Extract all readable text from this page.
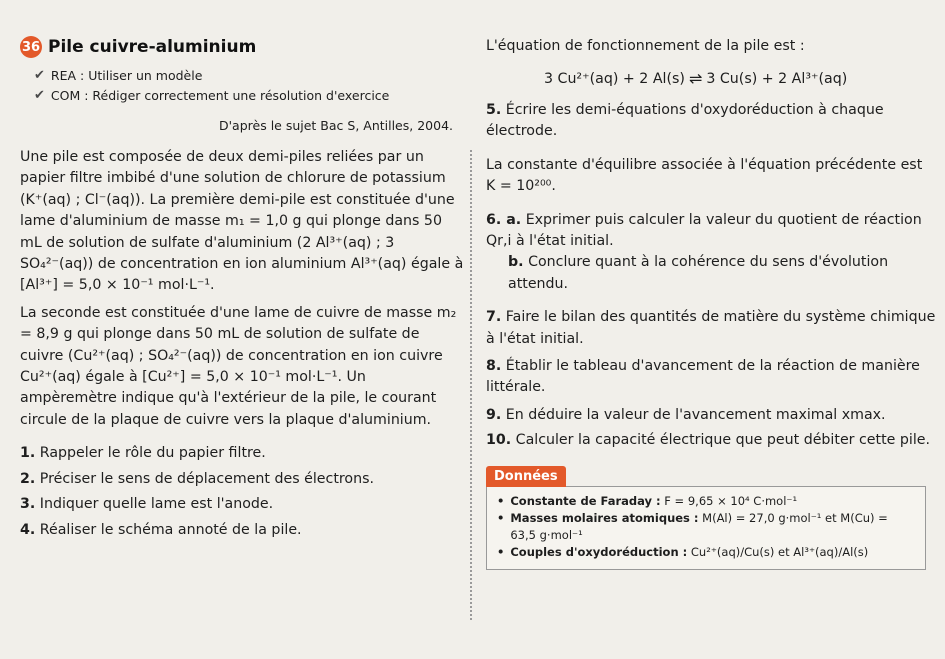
36 Pile cuivre-aluminium
✔ REA : Utiliser un modèle
✔ COM : Rédiger correctement une résolution d'exercice
D'après le sujet Bac S, Antilles, 2004.

Une pile est composée de deux demi-piles reliées par un papier filtre imbibé d'une solution de chlorure de potassium (K⁺(aq) ; Cl⁻(aq)). La première demi-pile est constituée d'une lame d'aluminium de masse m₁ = 1,0 g qui plonge dans 50 mL de solution de sulfate d'aluminium (2 Al³⁺(aq) ; 3 SO₄²⁻(aq)) de concentration en ion aluminium Al³⁺(aq) égale à [Al³⁺] = 5,0 × 10⁻¹ mol·L⁻¹.

La seconde est constituée d'une lame de cuivre de masse m₂ = 8,9 g qui plonge dans 50 mL de solution de sulfate de cuivre (Cu²⁺(aq) ; SO₄²⁻(aq)) de concentration en ion cuivre Cu²⁺(aq) égale à [Cu²⁺] = 5,0 × 10⁻¹ mol·L⁻¹. Un ampèremètre indique qu'à l'extérieur de la pile, le courant circule de la plaque de cuivre vers la plaque d'aluminium.

1. Rappeler le rôle du papier filtre.
2. Préciser le sens de déplacement des électrons.
3. Indiquer quelle lame est l'anode.
4. Réaliser le schéma annoté de la pile.
L'équation de fonctionnement de la pile est :
3 Cu²⁺(aq) + 2 Al(s) ⇌ 3 Cu(s) + 2 Al³⁺(aq)
5. Écrire les demi-équations d'oxydoréduction à chaque électrode.
La constante d'équilibre associée à l'équation précédente est K = 10²⁰⁰.
6. a. Exprimer puis calculer la valeur du quotient de réaction Qr,i à l'état initial.
b. Conclure quant à la cohérence du sens d'évolution attendu.
7. Faire le bilan des quantités de matière du système chimique à l'état initial.
8. Établir le tableau d'avancement de la réaction de manière littérale.
9. En déduire la valeur de l'avancement maximal xmax.
10. Calculer la capacité électrique que peut débiter cette pile.
Données
• Constante de Faraday : F = 9,65 × 10⁴ C·mol⁻¹
• Masses molaires atomiques : M(Al) = 27,0 g·mol⁻¹ et M(Cu) = 63,5 g·mol⁻¹
• Couples d'oxydoréduction : Cu²⁺(aq)/Cu(s) et Al³⁺(aq)/Al(s)
